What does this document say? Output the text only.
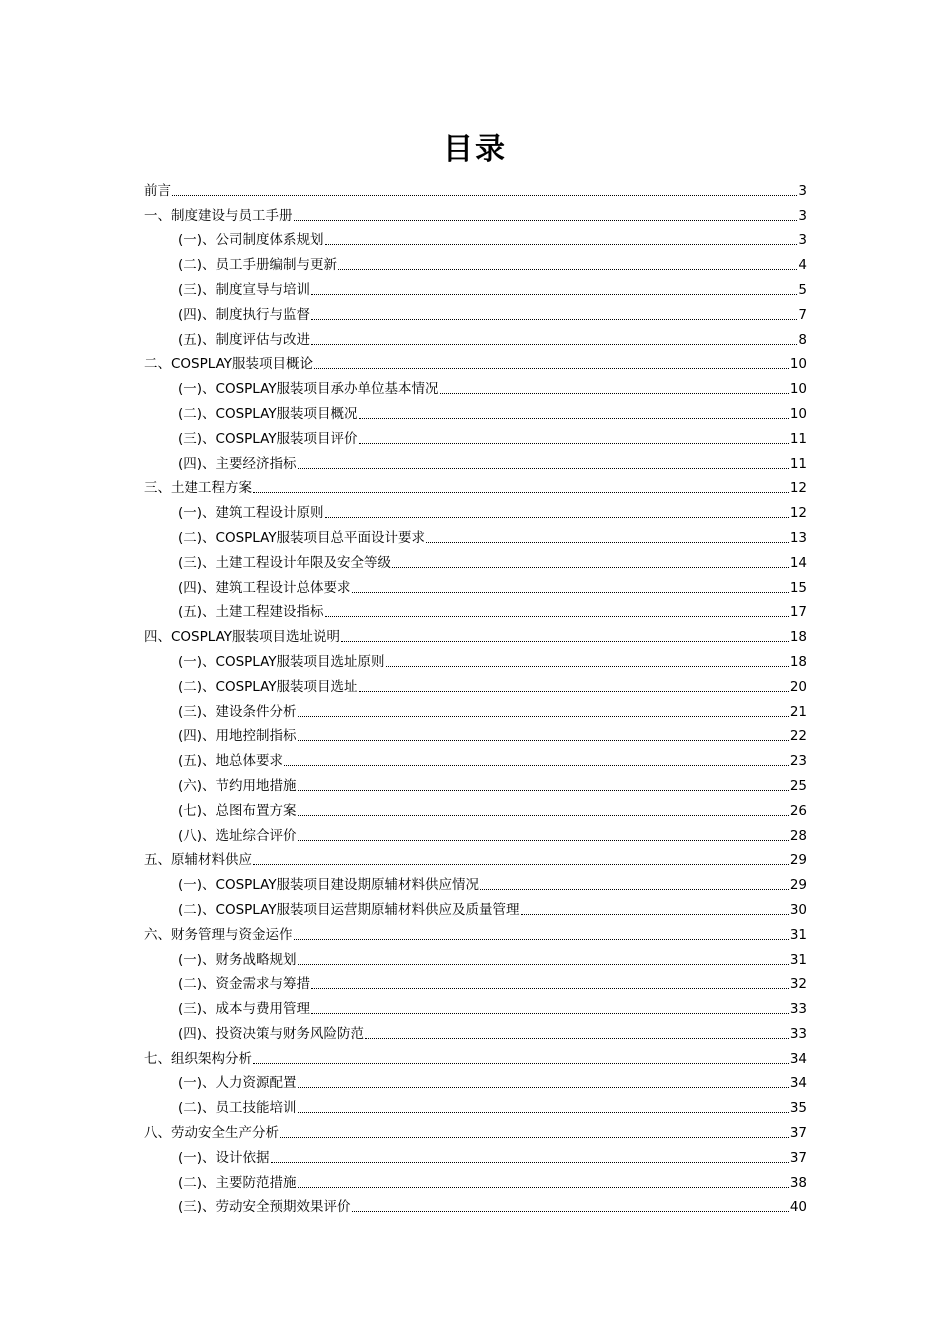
目录
前言	3
一、制度建设与员工手册	3
(一)、公司制度体系规划	3
(二)、员工手册编制与更新	4
(三)、制度宣导与培训	5
(四)、制度执行与监督	7
(五)、制度评估与改进	8
二、COSPLAY服装项目概论	10
(一)、COSPLAY服装项目承办单位基本情况	10
(二)、COSPLAY服装项目概况	10
(三)、COSPLAY服装项目评价	11
(四)、主要经济指标	11
三、土建工程方案	12
(一)、建筑工程设计原则	12
(二)、COSPLAY服装项目总平面设计要求	13
(三)、土建工程设计年限及安全等级	14
(四)、建筑工程设计总体要求	15
(五)、土建工程建设指标	17
四、COSPLAY服装项目选址说明	18
(一)、COSPLAY服装项目选址原则	18
(二)、COSPLAY服装项目选址	20
(三)、建设条件分析	21
(四)、用地控制指标	22
(五)、地总体要求	23
(六)、节约用地措施	25
(七)、总图布置方案	26
(八)、选址综合评价	28
五、原辅材料供应	29
(一)、COSPLAY服装项目建设期原辅材料供应情况	29
(二)、COSPLAY服装项目运营期原辅材料供应及质量管理	30
六、财务管理与资金运作	31
(一)、财务战略规划	31
(二)、资金需求与筹措	32
(三)、成本与费用管理	33
(四)、投资决策与财务风险防范	33
七、组织架构分析	34
(一)、人力资源配置	34
(二)、员工技能培训	35
八、劳动安全生产分析	37
(一)、设计依据	37
(二)、主要防范措施	38
(三)、劳动安全预期效果评价	40
